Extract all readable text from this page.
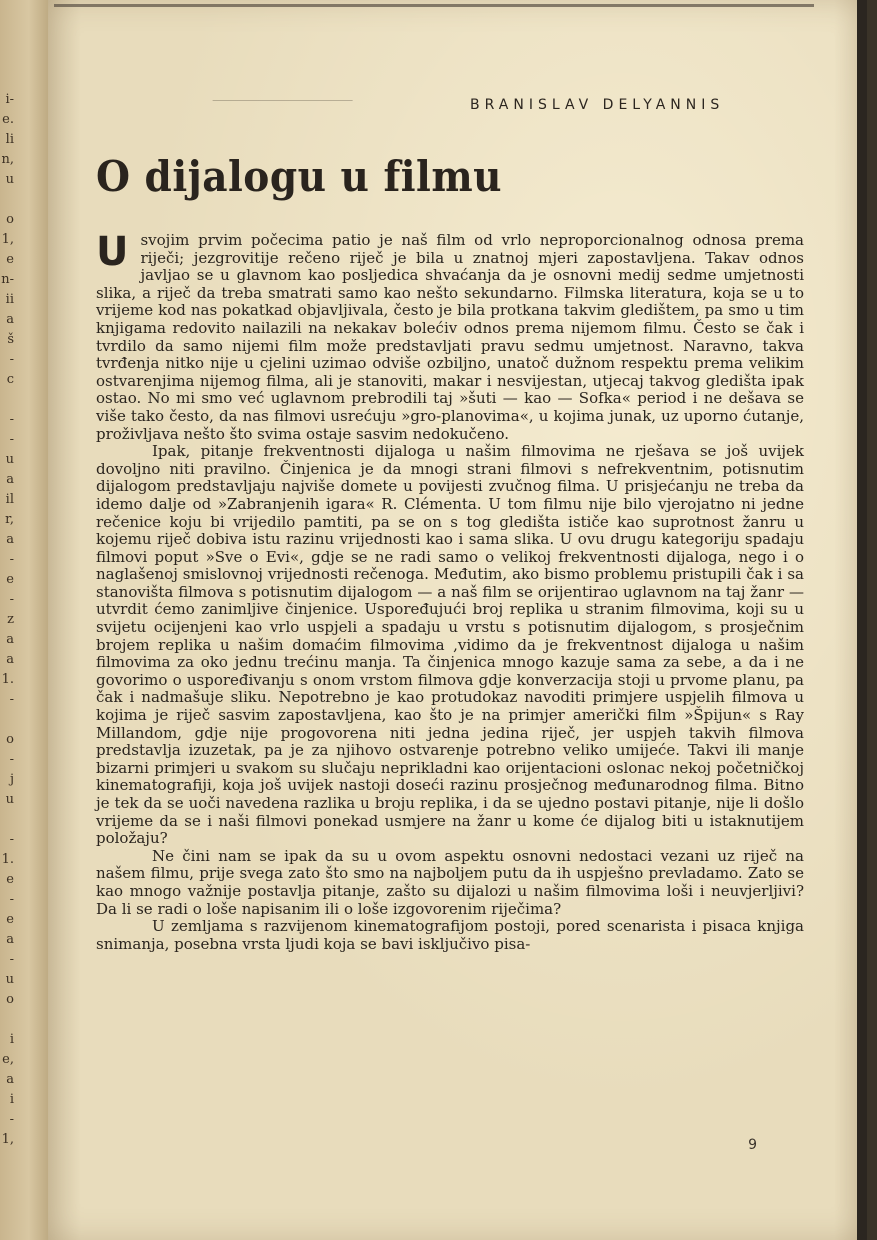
i-
e.
li
n,
u
o
1,
e
n-
ii
a
š
-
c
-
-
u
a
il
r,
a
-
e
-
z
a
a
1.
-
o
-
j
u
-
1.
e
-
e
a
-
u
o
i
e,
a
i
-
1,
BRANISLAV DELYANNIS
O dijalogu u filmu

Usvojim prvim počecima patio je naš film od vrlo neproporcionalnog odnosa prema riječi; jezgrovitije rečeno riječ je bila u znatnoj mjeri zapostavljena. Takav odnos javljao se u glavnom kao posljedica shvaćanja da je osnovni medij sedme umjetnosti slika, a riječ da treba smatrati samo kao nešto sekundarno. Filmska literatura, koja se u to vrijeme kod nas pokatkad objavljivala, često je bila protkana takvim gledištem, pa smo u tim knjigama redovito nailazili na nekakav bolećiv odnos prema nijemom filmu. Često se čak i tvrdilo da samo nijemi film može predstavljati pravu sedmu umjetnost. Naravno, takva tvrđenja nitko nije u cjelini uzimao odviše ozbiljno, unatoč dužnom respektu prema velikim ostvarenjima nijemog filma, ali je stanoviti, makar i nesvijestan, utjecaj takvog gledišta ipak ostao. No mi smo već uglavnom prebrodili taj »šuti — kao — Sofka« period i ne dešava se više tako često, da nas filmovi usrećuju »gro-planovima«, u kojima junak, uz uporno ćutanje, proživljava nešto što svima ostaje sasvim nedokučeno.

Ipak, pitanje frekventnosti dijaloga u našim filmovima ne rješava se još uvijek dovoljno niti pravilno. Činjenica je da mnogi strani filmovi s nefrekventnim, potisnutim dijalogom predstavljaju najviše domete u povijesti zvučnog filma. U prisjećanju ne treba da idemo dalje od »Zabranjenih igara« R. Clémenta. U tom filmu nije bilo vjerojatno ni jedne rečenice koju bi vrijedilo pamtiti, pa se on s tog gledišta ističe kao suprotnost žanru u kojemu riječ dobiva istu razinu vrijednosti kao i sama slika. U ovu drugu kategoriju spadaju filmovi poput »Sve o Evi«, gdje se ne radi samo o velikoj frekventnosti dijaloga, nego i o naglašenoj smislovnoj vrijednosti rečenoga. Međutim, ako bismo problemu pristupili čak i sa stanovišta filmova s potisnutim dijalogom — a naš film se orijentirao uglavnom na taj žanr — utvrdit ćemo zanimljive činjenice. Uspoređujući broj replika u stranim filmovima, koji su u svijetu ocijenjeni kao vrlo uspjeli a spadaju u vrstu s potisnutim dijalogom, s prosječnim brojem replika u našim domaćim filmovima ,vidimo da je frekventnost dijaloga u našim filmovima za oko jednu trećinu manja. Ta činjenica mnogo kazuje sama za sebe, a da i ne govorimo o uspoređivanju s onom vrstom filmova gdje konverzacija stoji u prvome planu, pa čak i nadmašuje sliku. Nepotrebno je kao protudokaz navoditi primjere uspjelih filmova u kojima je riječ sasvim zapostavljena, kao što je na primjer američki film »Špijun« s Ray Millandom, gdje nije progovorena niti jedna jedina riječ, jer uspjeh takvih filmova predstavlja izuzetak, pa je za njihovo ostvarenje potrebno veliko umijeće. Takvi ili manje bizarni primjeri u svakom su slučaju neprikladni kao orijentacioni oslonac nekoj početničkoj kinematografiji, koja još uvijek nastoji doseći razinu prosječnog međunarodnog filma. Bitno je tek da se uoči navedena razlika u broju replika, i da se ujedno postavi pitanje, nije li došlo vrijeme da se i naši filmovi ponekad usmjere na žanr u kome će dijalog biti u istaknutijem položaju?

Ne čini nam se ipak da su u ovom aspektu osnovni nedostaci vezani uz riječ na našem filmu, prije svega zato što smo na najboljem putu da ih uspješno prevladamo. Zato se kao mnogo važnije postavlja pitanje, zašto su dijalozi u našim filmovima loši i neuvjerljivi? Da li se radi o loše napisanim ili o loše izgovorenim riječima?

U zemljama s razvijenom kinematografijom postoji, pored scenarista i pisaca knjiga snimanja, posebna vrsta ljudi koja se bavi isključivo pisa-

9
